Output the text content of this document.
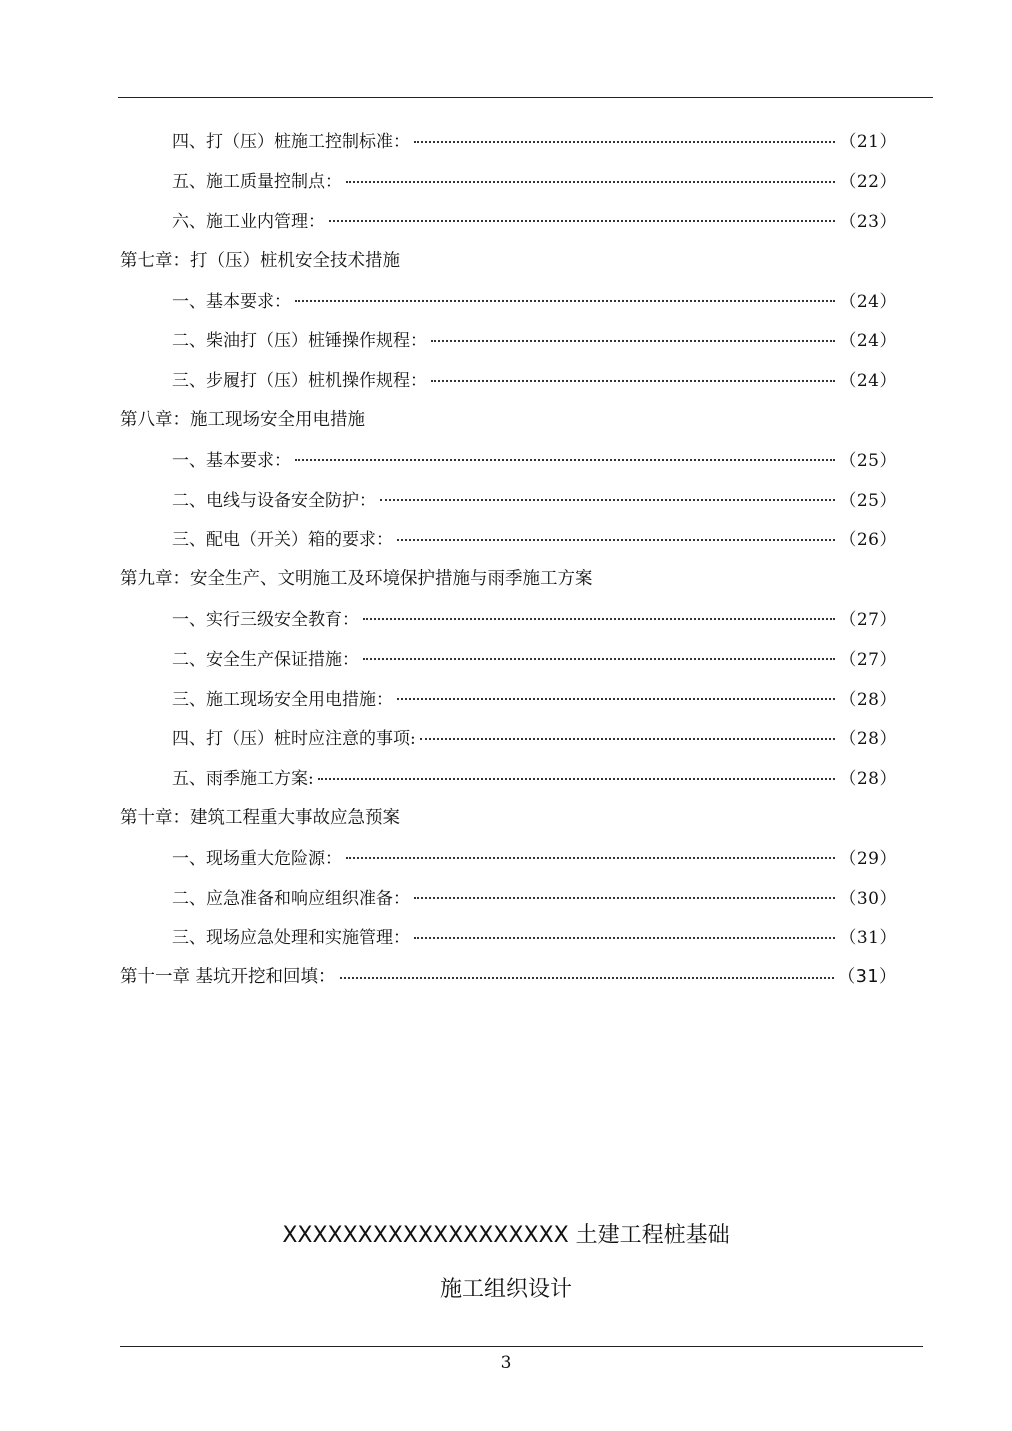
四、打（压）桩施工控制标准：	（21）
五、施工质量控制点：	（22）
六、施工业内管理：	（23）
第七章：打（压）桩机安全技术措施
一、基本要求：	（24）
二、柴油打（压）桩锤操作规程：	（24）
三、步履打（压）桩机操作规程：	（24）
第八章：施工现场安全用电措施
一、基本要求：	（25）
二、电线与设备安全防护：	（25）
三、配电（开关）箱的要求：	（26）
第九章：安全生产、文明施工及环境保护措施与雨季施工方案
一、实行三级安全教育：	（27）
二、安全生产保证措施：	（27）
三、施工现场安全用电措施：	（28）
四、打（压）桩时应注意的事项:	（28）
五、雨季施工方案:	（28）
第十章：建筑工程重大事故应急预案
一、现场重大危险源：	（29）
二、应急准备和响应组织准备：	（30）
三、现场应急处理和实施管理：	（31）
第十一章 基坑开挖和回填：	（31）
XXXXXXXXXXXXXXXXXXX 土建工程桩基础
施工组织设计
3
